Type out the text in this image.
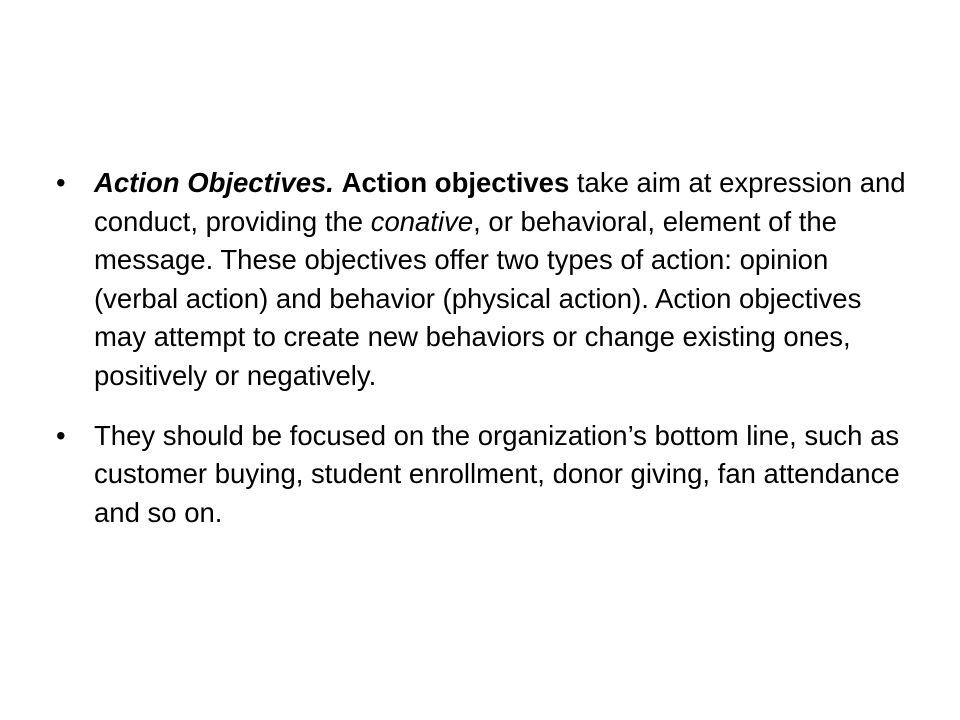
•	Action Objectives. Action objectives take aim at expression and conduct, providing the conative, or behavioral, element of the message. These objectives offer two types of action: opinion (verbal action) and behavior (physical action). Action objectives may attempt to create new behaviors or change existing ones, positively or negatively.
•	They should be focused on the organization’s bottom line, such as customer buying, student enrollment, donor giving, fan attendance and so on.
